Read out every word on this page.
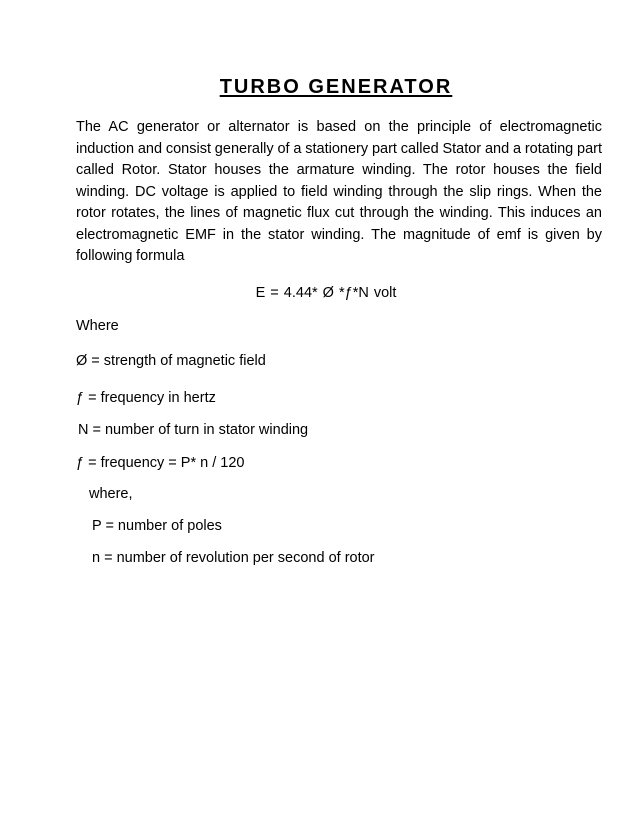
TURBO GENERATOR

The AC generator or alternator is based on the principle of electromagnetic induction and consist generally of a stationery part called Stator and a rotating part called Rotor. Stator houses the armature winding. The rotor houses the field winding. DC voltage is applied to field winding through the slip rings. When the rotor rotates, the lines of magnetic flux cut through the winding. This induces an electromagnetic EMF in the stator winding. The magnitude of emf is given by following formula

E = 4.44* Ø *ƒ*N volt
Where
Ø = strength of magnetic field
ƒ = frequency in hertz
N = number of turn in stator winding
ƒ = frequency = P* n / 120
where,
P = number of poles
n = number of revolution per second of rotor
